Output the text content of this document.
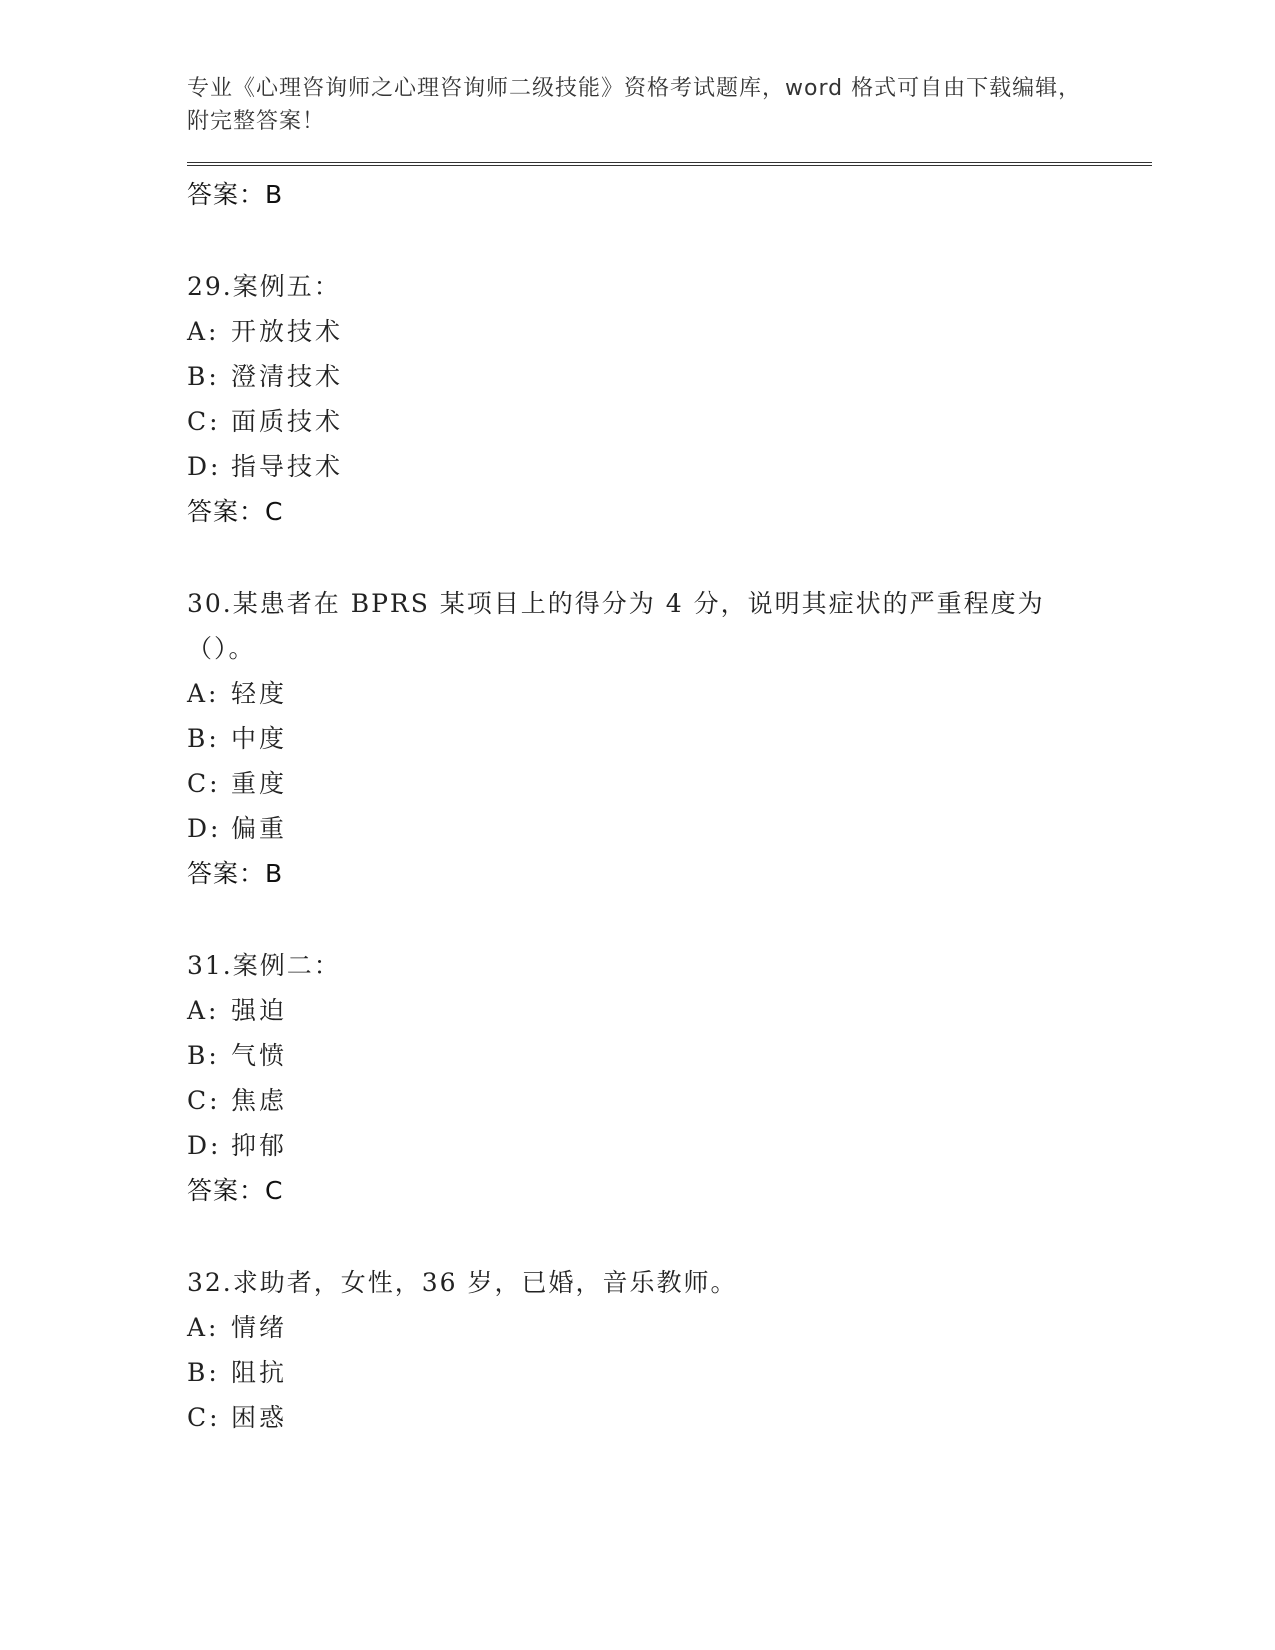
专业《心理咨询师之心理咨询师二级技能》资格考试题库，word 格式可自由下载编辑，附完整答案！

答案：B

29.案例五：

A: 开放技术
B: 澄清技术
C: 面质技术
D: 指导技术
答案：C

30.某患者在 BPRS 某项目上的得分为 4 分，说明其症状的严重程度为（）。

A: 轻度
B: 中度
C: 重度
D: 偏重
答案：B

31.案例二：

A: 强迫
B: 气愤
C: 焦虑
D: 抑郁
答案：C

32.求助者，女性，36 岁，已婚，音乐教师。

A: 情绪
B: 阻抗
C: 困惑
